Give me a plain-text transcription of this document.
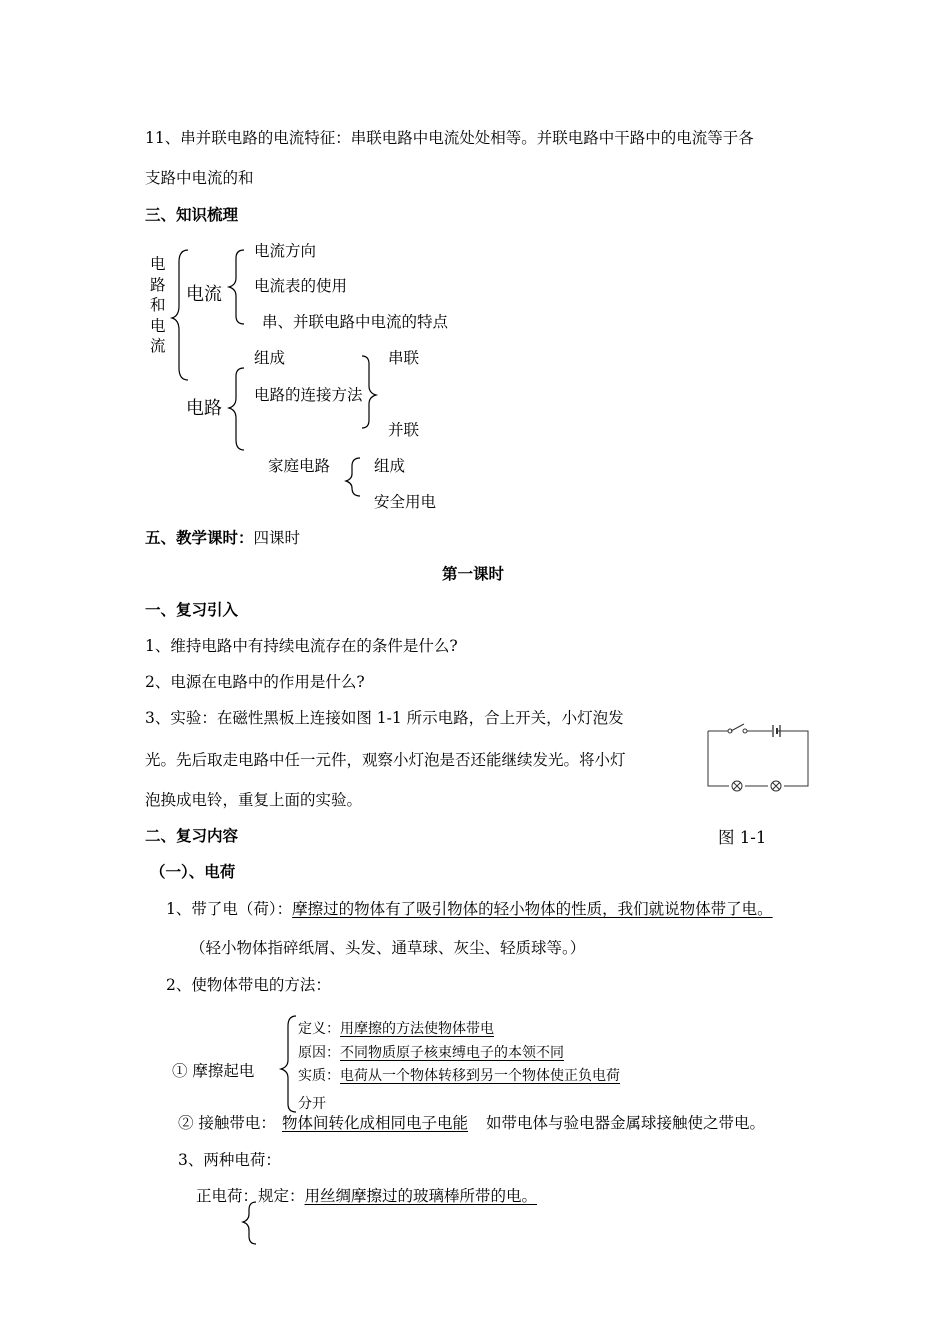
11、串并联电路的电流特征：串联电路中电流处处相等。并联电路中干路中的电流等于各
支路中电流的和
三、知识梳理
电路和电流
电流
电流方向
电流表的使用
串、并联电路中电流的特点
电路
组成
电路的连接方法
串联
并联
家庭电路	组成
安全用电
五、教学课时：四课时
第一课时
一、复习引入
1、维持电路中有持续电流存在的条件是什么?
2、电源在电路中的作用是什么?
3、实验：在磁性黑板上连接如图 1-1 所示电路，合上开关，小灯泡发
光。先后取走电路中任一元件，观察小灯泡是否还能继续发光。将小灯
泡换成电铃，重复上面的实验。
图 1-1
二、复习内容
（一）、电荷
1、带了电（荷）：摩擦过的物体有了吸引物体的轻小物体的性质，我们就说物体带了电。
（轻小物体指碎纸屑、头发、通草球、灰尘、轻质球等。）
2、使物体带电的方法：
① 摩擦起电
定义：用摩擦的方法使物体带电
原因：不同物质原子核束缚电子的本领不同
实质：电荷从一个物体转移到另一个物体使正负电荷
分开
② 接触带电： 物体间转化成相同电子电能 如带电体与验电器金属球接触使之带电。
3、两种电荷：
正电荷：规定：用丝绸摩擦过的玻璃棒所带的电。
